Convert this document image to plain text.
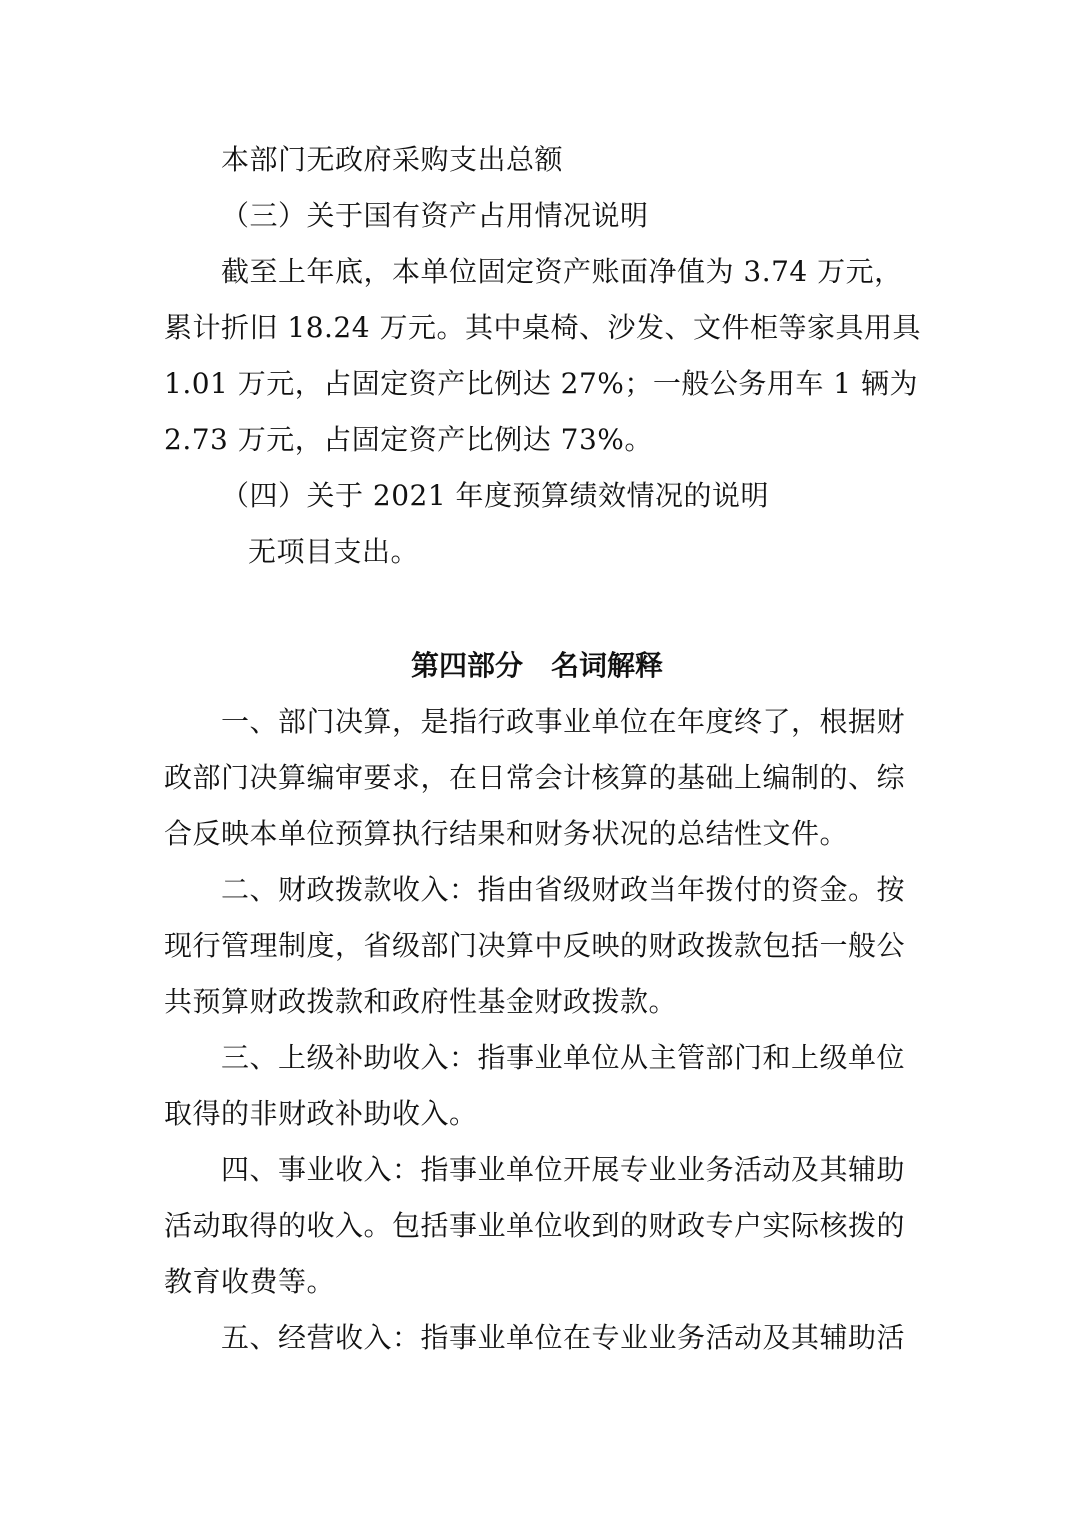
本部门无政府采购支出总额
（三）关于国有资产占用情况说明
截至上年底，本单位固定资产账面净值为 3.74 万元，
累计折旧 18.24 万元。其中桌椅、沙发、文件柜等家具用具
1.01 万元，占固定资产比例达 27%；一般公务用车 1 辆为
2.73 万元，占固定资产比例达 73%。
（四）关于 2021 年度预算绩效情况的说明
无项目支出。
第四部分　名词解释
一、部门决算，是指行政事业单位在年度终了，根据财
政部门决算编审要求，在日常会计核算的基础上编制的、综
合反映本单位预算执行结果和财务状况的总结性文件。
二、财政拨款收入：指由省级财政当年拨付的资金。按
现行管理制度，省级部门决算中反映的财政拨款包括一般公
共预算财政拨款和政府性基金财政拨款。
三、上级补助收入：指事业单位从主管部门和上级单位
取得的非财政补助收入。
四、事业收入：指事业单位开展专业业务活动及其辅助
活动取得的收入。包括事业单位收到的财政专户实际核拨的
教育收费等。
五、经营收入：指事业单位在专业业务活动及其辅助活
